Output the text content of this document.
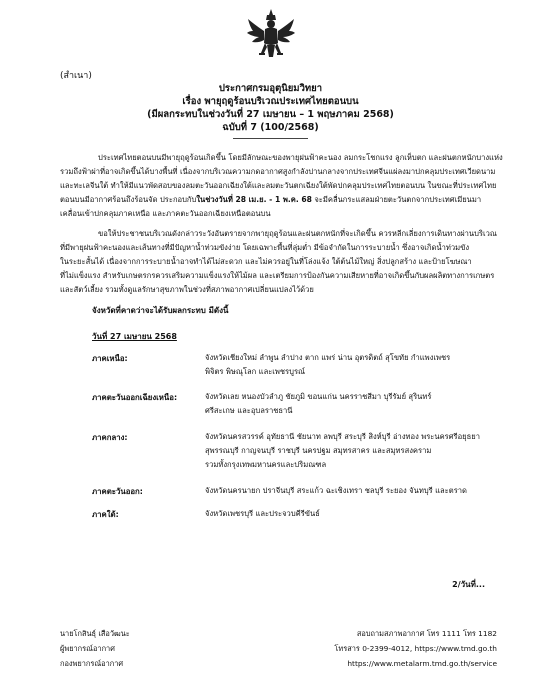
(สำเนา)
ประกาศกรมอุตุนิยมวิทยา
เรื่อง พายุฤดูร้อนบริเวณประเทศไทยตอนบน
(มีผลกระทบในช่วงวันที่ 27 เมษายน – 1 พฤษภาคม 2568)
ฉบับที่ 7 (100/2568)
ประเทศไทยตอนบนมีพายุฤดูร้อนเกิดขึ้น โดยมีลักษณะของพายุฝนฟ้าคะนอง ลมกระโชกแรง ลูกเห็บตก และฝนตกหนักบางแห่ง
รวมถึงฟ้าผ่าที่อาจเกิดขึ้นได้บางพื้นที่ เนื่องจากบริเวณความกดอากาศสูงกำลังปานกลางจากประเทศจีนแผ่ลงมาปกคลุมประเทศเวียดนาม
และทะเลจีนใต้ ทำให้มีแนวพัดสอบของลมตะวันออกเฉียงใต้และลมตะวันตกเฉียงใต้พัดปกคลุมประเทศไทยตอนบน ในขณะที่ประเทศไทย
ตอนบนมีอากาศร้อนถึงร้อนจัด ประกอบกับในช่วงวันที่ 28 เม.ย. - 1 พ.ค. 68 จะมีคลื่นกระแสลมฝ่ายตะวันตกจากประเทศเมียนมา
เคลื่อนเข้าปกคลุมภาคเหนือ และภาคตะวันออกเฉียงเหนือตอนบน
ขอให้ประชาชนบริเวณดังกล่าวระวังอันตรายจากพายุฤดูร้อนและฝนตกหนักที่จะเกิดขึ้น ควรหลีกเลี่ยงการเดินทางผ่านบริเวณ
ที่มีพายุฝนฟ้าคะนองและเส้นทางที่มีปัญหาน้ำท่วมขังง่าย โดยเฉพาะพื้นที่ลุ่มต่ำ มีข้อจำกัดในการระบายน้ำ ซึ่งอาจเกิดน้ำท่วมขัง
ในระยะสั้นได้ เนื่องจากการระบายน้ำอาจทำได้ไม่สะดวก และไม่ควรอยู่ในที่โล่งแจ้ง ใต้ต้นไม้ใหญ่ สิ่งปลูกสร้าง และป้ายโฆษณา
ที่ไม่แข็งแรง สำหรับเกษตรกรควรเสริมความแข็งแรงให้ไม้ผล และเตรียมการป้องกันความเสียหายที่อาจเกิดขึ้นกับผลผลิตทางการเกษตร
และสัตว์เลี้ยง รวมทั้งดูแลรักษาสุขภาพในช่วงที่สภาพอากาศเปลี่ยนแปลงไว้ด้วย
จังหวัดที่คาดว่าจะได้รับผลกระทบ มีดังนี้
วันที่ 27 เมษายน 2568
ภาคเหนือ:	จังหวัดเชียงใหม่ ลำพูน ลำปาง ตาก แพร่ น่าน อุตรดิตถ์ สุโขทัย กำแพงเพชร
พิจิตร พิษณุโลก และเพชรบูรณ์
ภาคตะวันออกเฉียงเหนือ:	จังหวัดเลย หนองบัวลำภู ชัยภูมิ ขอนแก่น นครราชสีมา บุรีรัมย์ สุรินทร์
ศรีสะเกษ และอุบลราชธานี
ภาคกลาง:	จังหวัดนครสวรรค์ อุทัยธานี ชัยนาท ลพบุรี สระบุรี สิงห์บุรี อ่างทอง พระนครศรีอยุธยา
สุพรรณบุรี กาญจนบุรี ราชบุรี นครปฐม สมุทรสาคร และสมุทรสงคราม
รวมทั้งกรุงเทพมหานครและปริมณฑล
ภาคตะวันออก:	จังหวัดนครนายก ปราจีนบุรี สระแก้ว ฉะเชิงเทรา ชลบุรี ระยอง จันทบุรี และตราด
ภาคใต้:	จังหวัดเพชรบุรี และประจวบคีรีขันธ์
2/วันที่...
นายโกสินธุ์ เสือวัฒนะ
ผู้พยากรณ์อากาศ
กองพยากรณ์อากาศ
สอบถามสภาพอากาศ โทร 1111 โทร 1182
โทรสาร 0-2399-4012, https://www.tmd.go.th
https://www.metalarm.tmd.go.th/service
